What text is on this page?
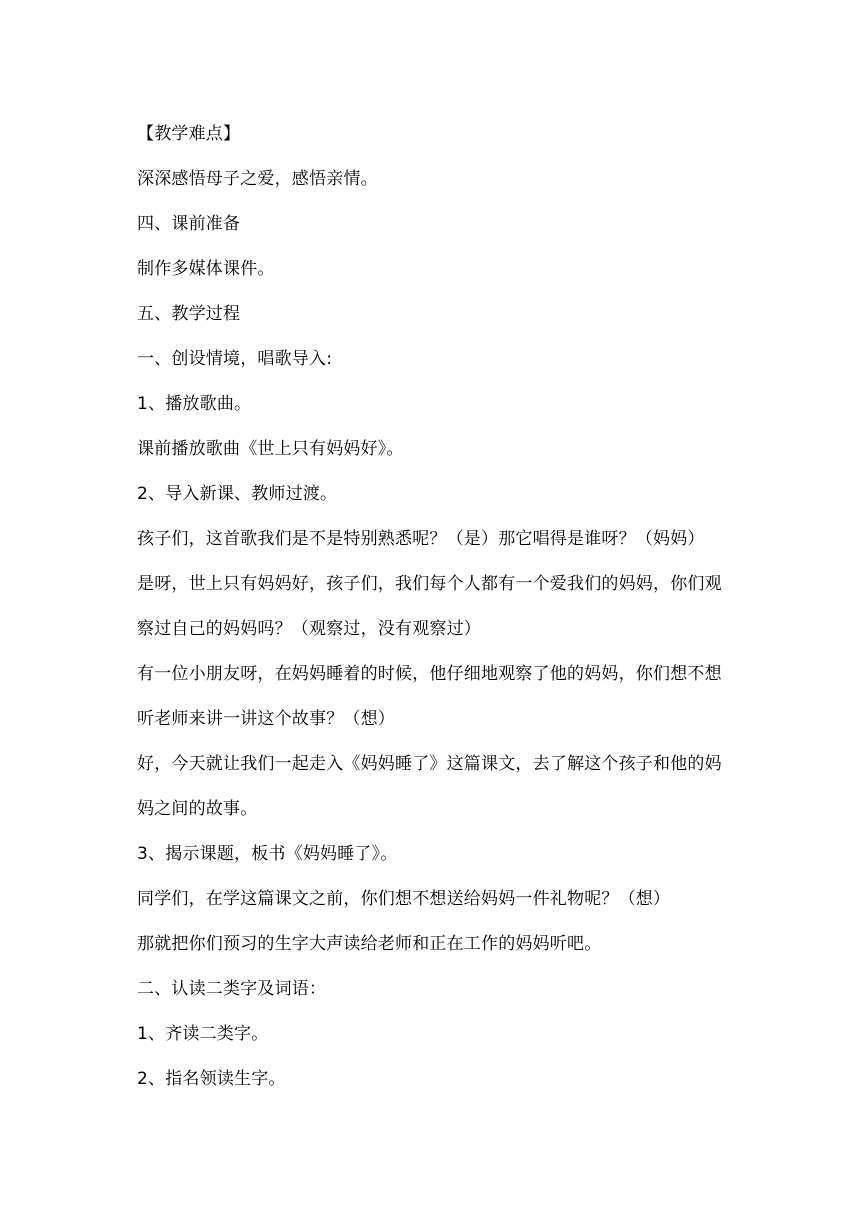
【教学难点】
深深感悟母子之爱，感悟亲情。
四、课前准备
制作多媒体课件。
五、教学过程
一、创设情境，唱歌导入:
1、播放歌曲。
课前播放歌曲《世上只有妈妈好》。
2、导入新课、教师过渡。
孩子们，这首歌我们是不是特别熟悉呢？（是）那它唱得是谁呀？（妈妈）
是呀，世上只有妈妈好，孩子们，我们每个人都有一个爱我们的妈妈，你们观
察过自己的妈妈吗？（观察过，没有观察过）
有一位小朋友呀，在妈妈睡着的时候，他仔细地观察了他的妈妈，你们想不想
听老师来讲一讲这个故事？（想）
好，今天就让我们一起走入《妈妈睡了》这篇课文，去了解这个孩子和他的妈
妈之间的故事。
3、揭示课题，板书《妈妈睡了》。
同学们，在学这篇课文之前，你们想不想送给妈妈一件礼物呢？（想）
那就把你们预习的生字大声读给老师和正在工作的妈妈听吧。
二、认读二类字及词语：
1、齐读二类字。
2、指名领读生字。
